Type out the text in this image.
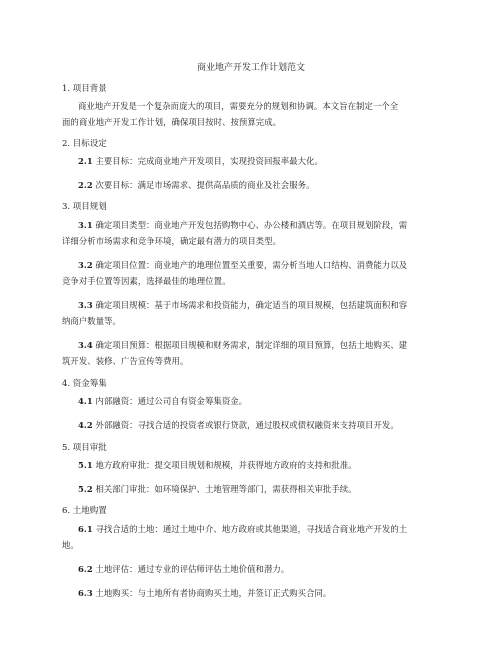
商业地产开发工作计划范文
1. 项目背景
商业地产开发是一个复杂而庞大的项目，需要充分的规划和协调。本文旨在制定一个全
面的商业地产开发工作计划，确保项目按时、按预算完成。
2. 目标设定
2.1 主要目标：完成商业地产开发项目，实现投资回报率最大化。
2.2 次要目标：满足市场需求、提供高品质的商业及社会服务。
3. 项目规划
3.1 确定项目类型：商业地产开发包括购物中心、办公楼和酒店等。在项目规划阶段，需
详细分析市场需求和竞争环境，确定最有潜力的项目类型。
3.2 确定项目位置：商业地产的地理位置至关重要，需分析当地人口结构、消费能力以及
竞争对手位置等因素，选择最佳的地理位置。
3.3 确定项目规模：基于市场需求和投资能力，确定适当的项目规模，包括建筑面积和容
纳商户数量等。
3.4 确定项目预算：根据项目规模和财务需求，制定详细的项目预算，包括土地购买、建
筑开发、装修、广告宣传等费用。
4. 资金筹集
4.1 内部融资：通过公司自有资金筹集资金。
4.2 外部融资：寻找合适的投资者或银行贷款，通过股权或债权融资来支持项目开发。
5. 项目审批
5.1 地方政府审批：提交项目规划和规模，并获得地方政府的支持和批准。
5.2 相关部门审批：如环境保护、土地管理等部门，需获得相关审批手续。
6. 土地购置
6.1 寻找合适的土地：通过土地中介、地方政府或其他渠道，寻找适合商业地产开发的土
地。
6.2 土地评估：通过专业的评估师评估土地价值和潜力。
6.3 土地购买：与土地所有者协商购买土地，并签订正式购买合同。
